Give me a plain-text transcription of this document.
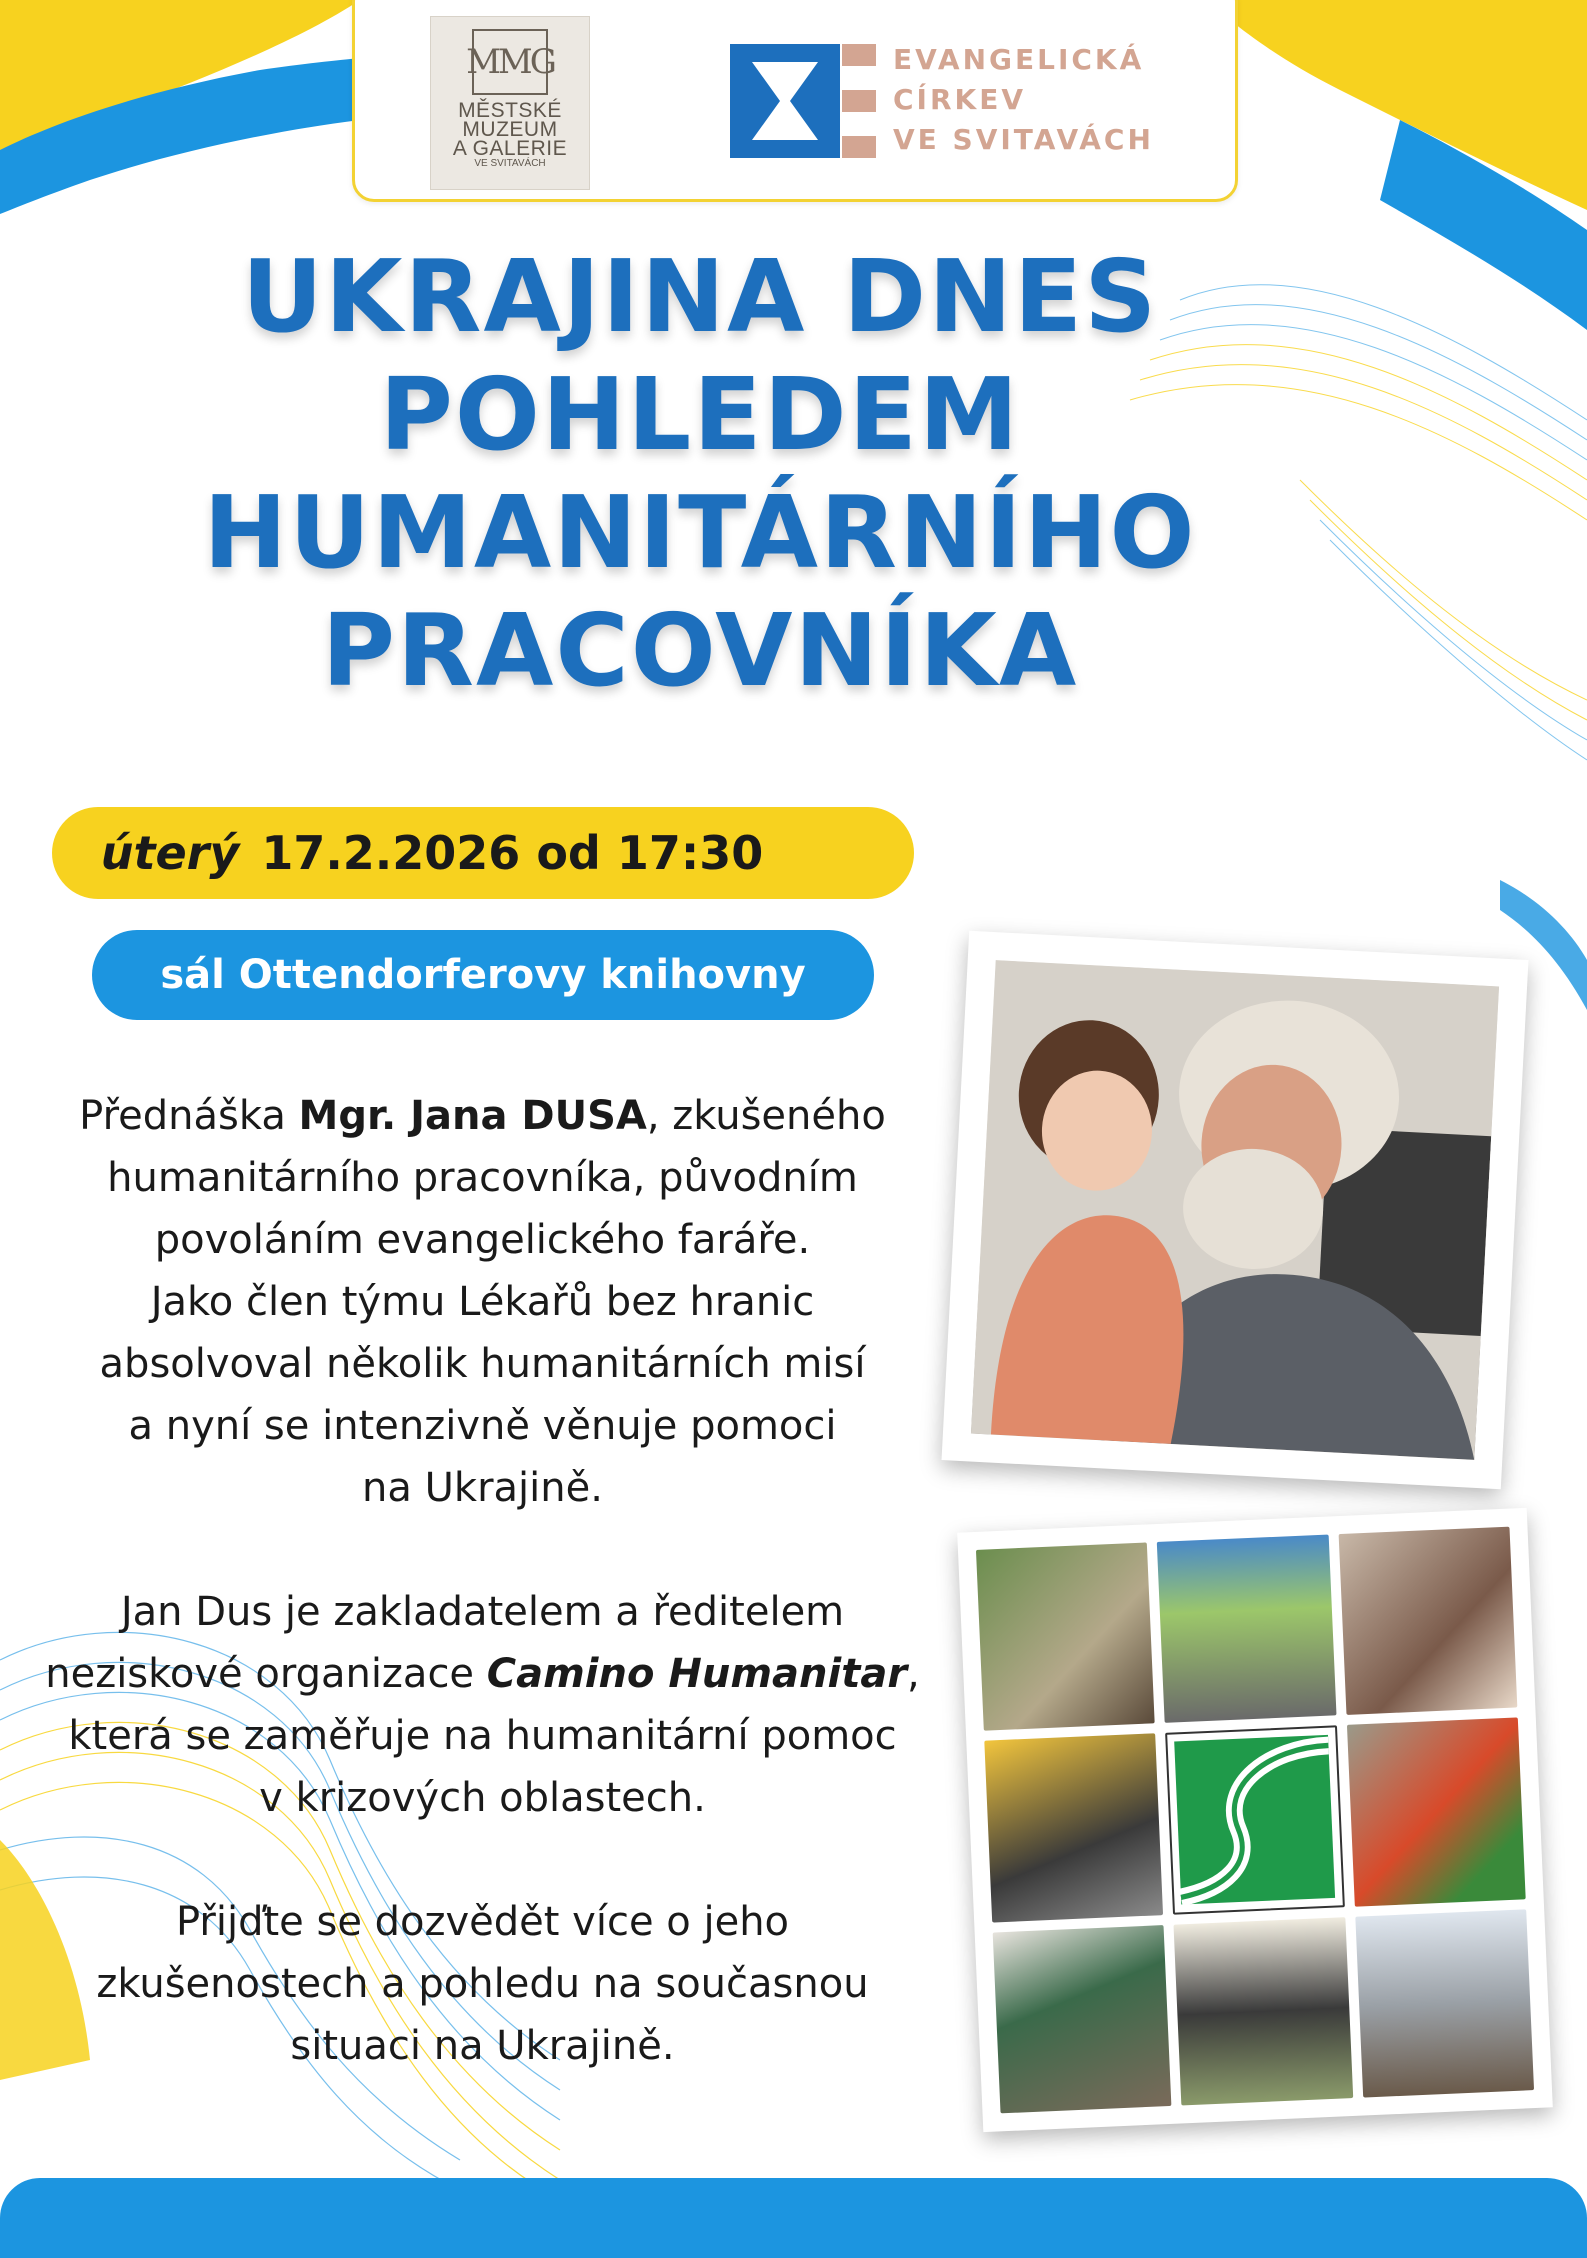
MMG
MĚSTSKÉ
MUZEUM
A GALERIE
VE SVITAVÁCH
EVANGELICKÁ
CÍRKEV
VE SVITAVÁCH
UKRAJINA DNES
POHLEDEM
HUMANITÁRNÍHO
PRACOVNÍKA
úterý 17.2.2026 od 17:30
sál Ottendorferovy knihovny
Přednáška Mgr. Jana DUSA, zkušeného
humanitárního pracovníka, původním
povoláním evangelického faráře.
Jako člen týmu Lékařů bez hranic
absolvoval několik humanitárních misí
a nyní se intenzivně věnuje pomoci
na Ukrajině.
Jan Dus je zakladatelem a ředitelem
neziskové organizace Camino Humanitar,
která se zaměřuje na humanitární pomoc
v krizových oblastech.
Přijďte se dozvědět více o jeho
zkušenostech a pohledu na současnou
situaci na Ukrajině.
